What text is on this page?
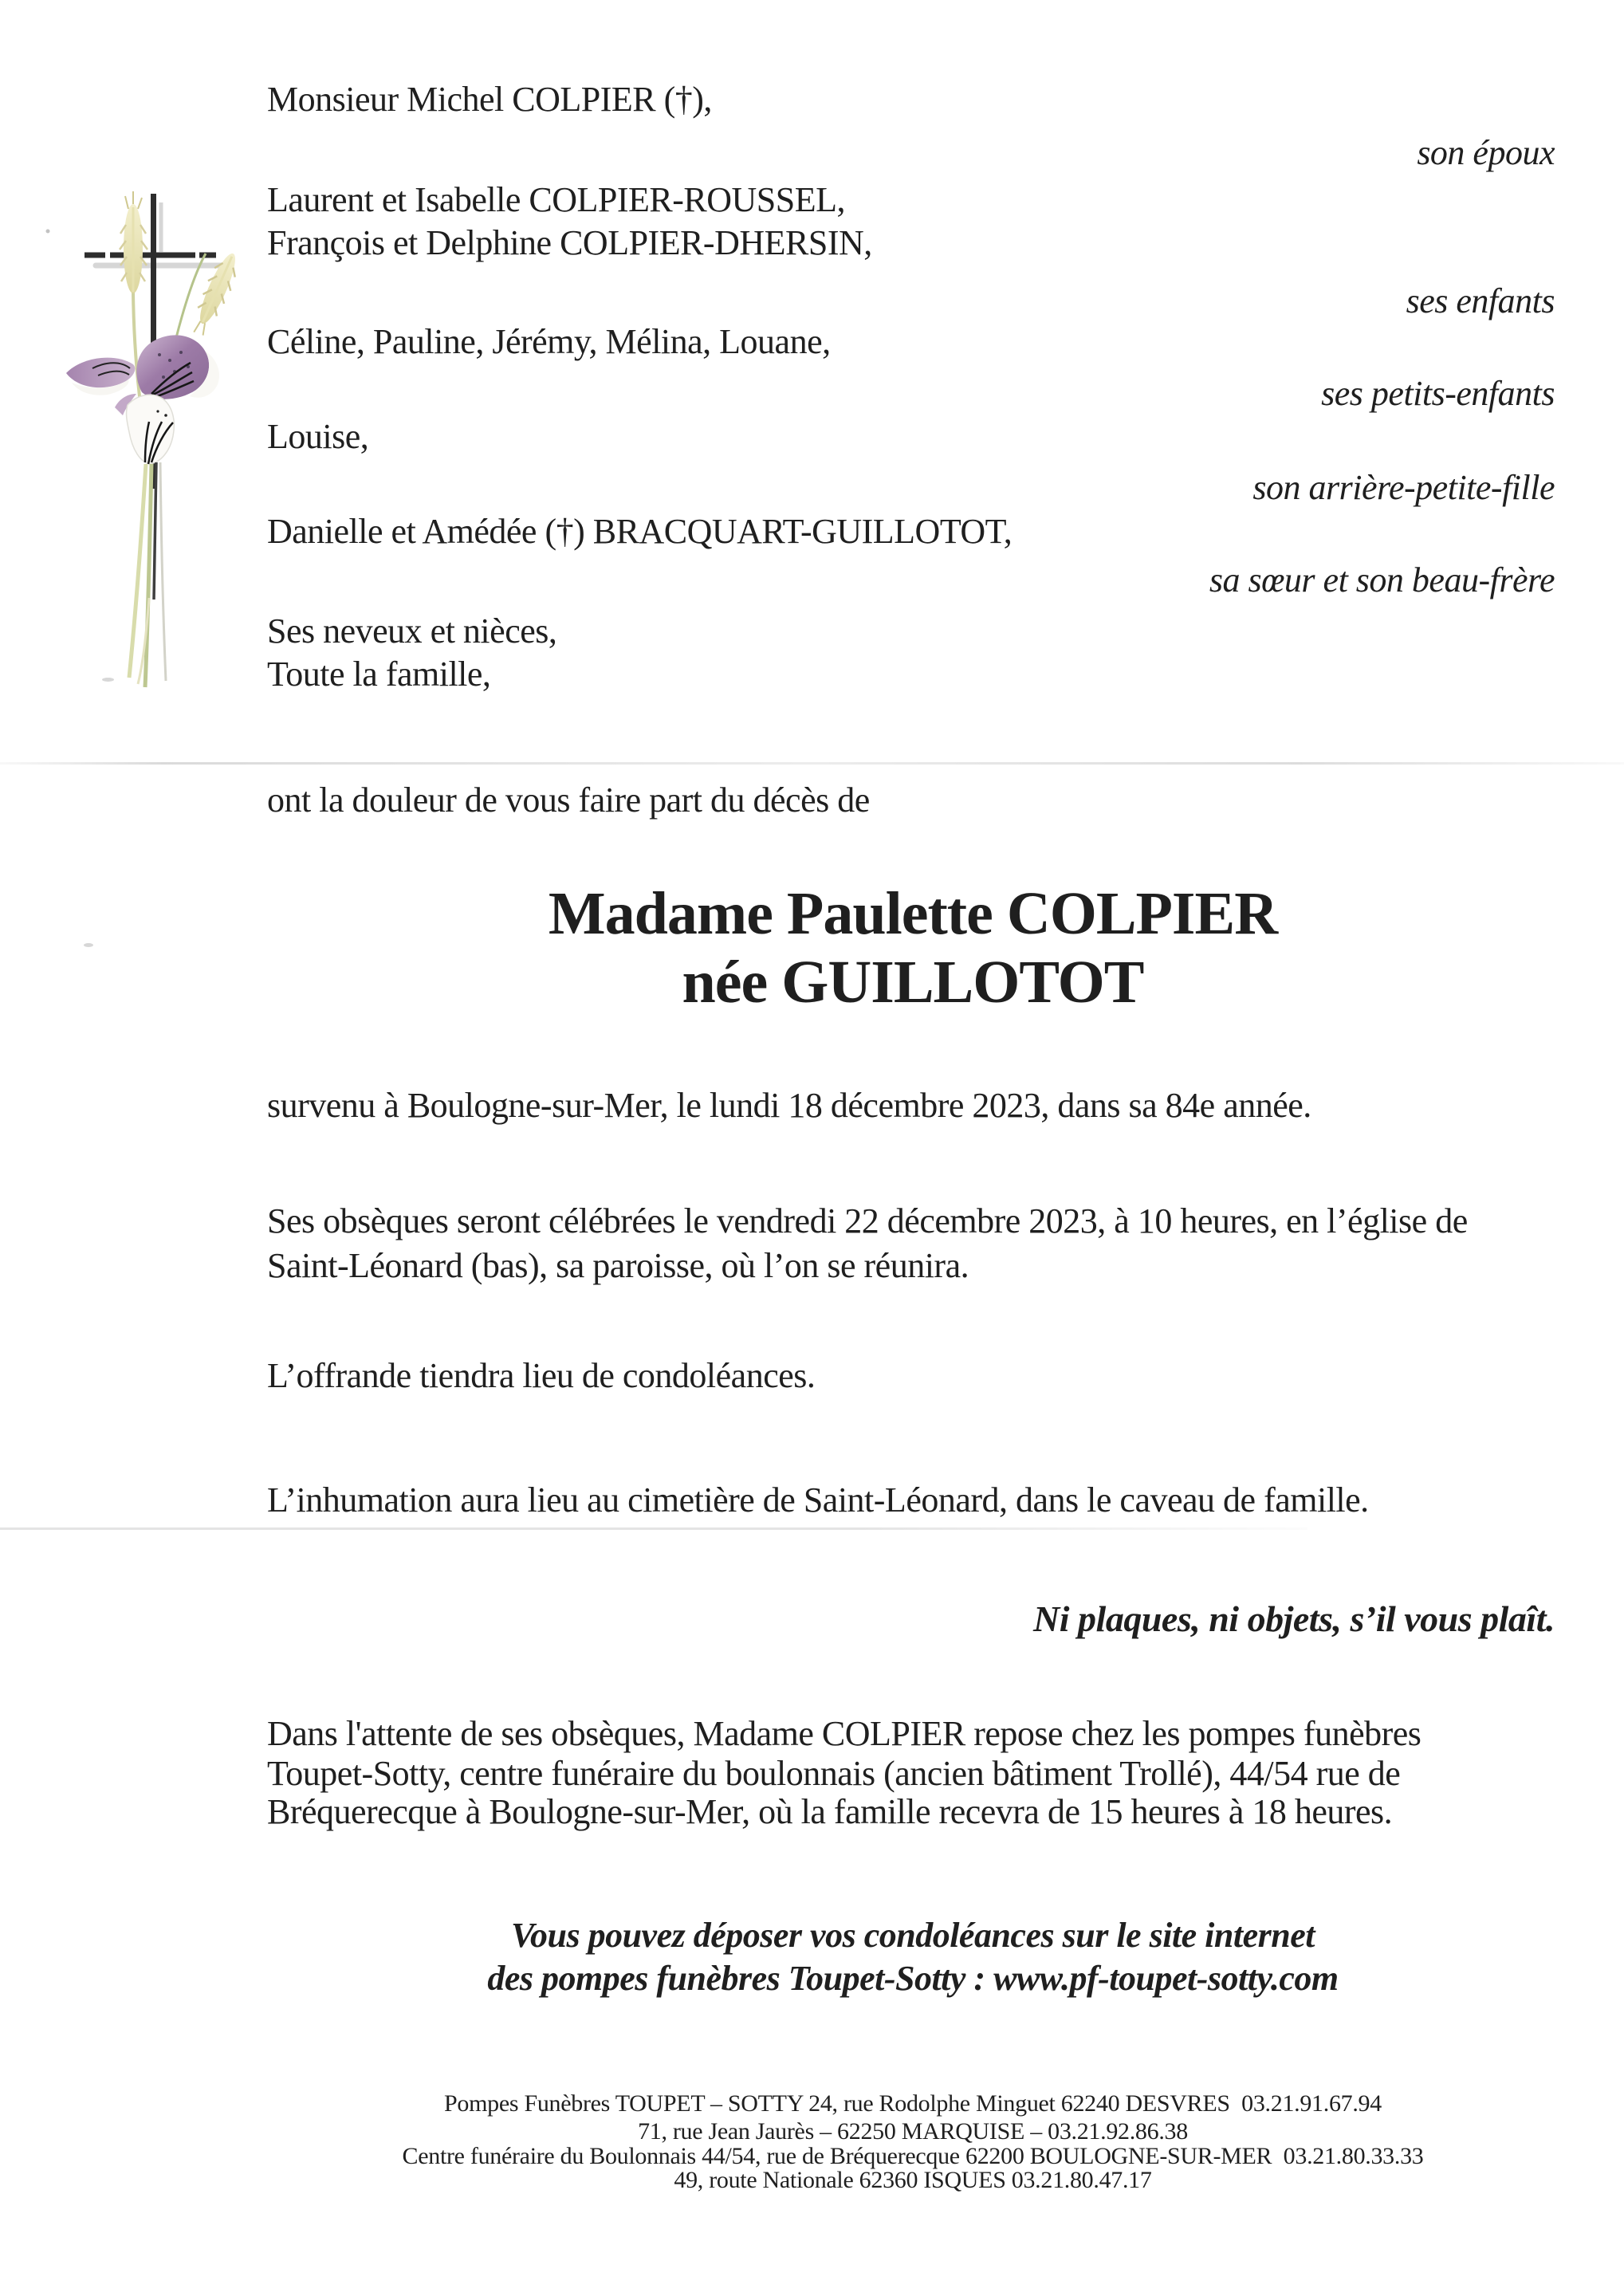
Monsieur Michel COLPIER (†),

Laurent et Isabelle COLPIER-ROUSSEL,

François et Delphine COLPIER-DHERSIN,

Céline, Pauline, Jérémy, Mélina, Louane,

Louise,

Danielle et Amédée (†) BRACQUART-GUILLOTOT,

Ses neveux et nièces,

Toute la famille,

son époux

ses enfants

ses petits-enfants

son arrière-petite-fille

sa sœur et son beau-frère

ont la douleur de vous faire part du décès de

Madame Paulette COLPIER
née GUILLOTOT

survenu à Boulogne-sur-Mer, le lundi 18 décembre 2023, dans sa 84e année.

Ses obsèques seront célébrées le vendredi 22 décembre 2023, à 10 heures, en l’église de

Saint-Léonard (bas), sa paroisse, où l’on se réunira.

L’offrande tiendra lieu de condoléances.

L’inhumation aura lieu au cimetière de Saint-Léonard, dans le caveau de famille.

Ni plaques, ni objets, s’il vous plaît.

Dans l'attente de ses obsèques, Madame COLPIER repose chez les pompes funèbres

Toupet-Sotty, centre funéraire du boulonnais (ancien bâtiment Trollé), 44/54 rue de

Bréquerecque à Boulogne-sur-Mer, où la famille recevra de 15 heures à 18 heures.

Vous pouvez déposer vos condoléances sur le site internet

des pompes funèbres Toupet-Sotty : www.pf-toupet-sotty.com

Pompes Funèbres TOUPET – SOTTY 24, rue Rodolphe Minguet 62240 DESVRES  03.21.91.67.94

71, rue Jean Jaurès – 62250 MARQUISE – 03.21.92.86.38

Centre funéraire du Boulonnais 44/54, rue de Bréquerecque 62200 BOULOGNE-SUR-MER  03.21.80.33.33

49, route Nationale 62360 ISQUES 03.21.80.47.17
